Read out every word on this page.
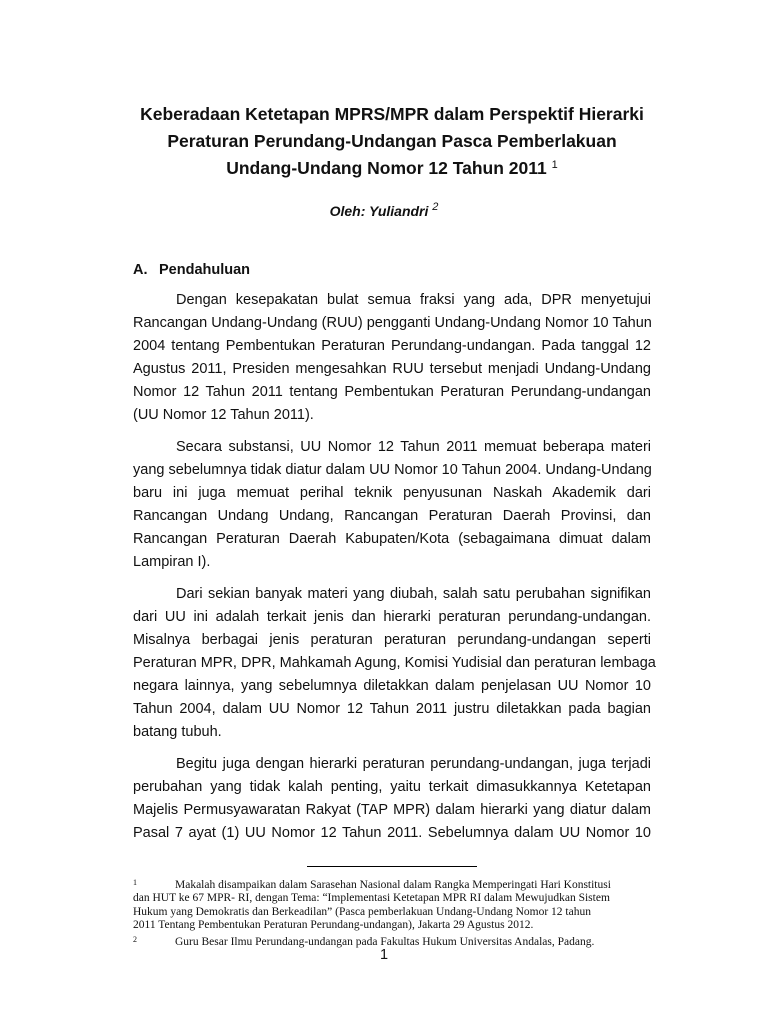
Keberadaan Ketetapan MPRS/MPR dalam Perspektif Hierarki
Peraturan Perundang-Undangan Pasca Pemberlakuan
Undang-Undang Nomor 12 Tahun 2011 $^1$
Oleh: Yuliandri $^2$
A. Pendahuluan
Dengan kesepakatan bulat semua fraksi yang ada, DPR menyetujui
Rancangan Undang-Undang (RUU) pengganti Undang-Undang Nomor 10 Tahun
2004 tentang Pembentukan Peraturan Perundang-undangan. Pada tanggal 12
Agustus 2011, Presiden mengesahkan RUU tersebut menjadi Undang-Undang
Nomor 12 Tahun 2011 tentang Pembentukan Peraturan Perundang-undangan
(UU Nomor 12 Tahun 2011).
Secara substansi, UU Nomor 12 Tahun 2011 memuat beberapa materi
yang sebelumnya tidak diatur dalam UU Nomor 10 Tahun 2004. Undang-Undang
baru ini juga memuat perihal teknik penyusunan Naskah Akademik dari
Rancangan Undang Undang, Rancangan Peraturan Daerah Provinsi, dan
Rancangan Peraturan Daerah Kabupaten/Kota (sebagaimana dimuat dalam
Lampiran I).
Dari sekian banyak materi yang diubah, salah satu perubahan signifikan
dari UU ini adalah terkait jenis dan hierarki peraturan perundang-undangan.
Misalnya berbagai jenis peraturan peraturan perundang-undangan seperti
Peraturan MPR, DPR, Mahkamah Agung, Komisi Yudisial dan peraturan lembaga
negara lainnya, yang sebelumnya diletakkan dalam penjelasan UU Nomor 10
Tahun 2004, dalam UU Nomor 12 Tahun 2011 justru diletakkan pada bagian
batang tubuh.
Begitu juga dengan hierarki peraturan perundang-undangan, juga terjadi
perubahan yang tidak kalah penting, yaitu terkait dimasukkannya Ketetapan
Majelis Permusyawaratan Rakyat (TAP MPR) dalam hierarki yang diatur dalam
Pasal 7 ayat (1) UU Nomor 12 Tahun 2011. Sebelumnya dalam UU Nomor 10
1	Makalah disampaikan dalam Sarasehan Nasional dalam Rangka Memperingati Hari Konstitusi
dan HUT ke 67 MPR- RI, dengan Tema: “Implementasi Ketetapan MPR RI dalam Mewujudkan Sistem
Hukum yang Demokratis dan Berkeadilan” (Pasca pemberlakuan Undang-Undang Nomor 12 tahun
2011 Tentang Pembentukan Peraturan Perundang-undangan), Jakarta 29 Agustus 2012.
2	Guru Besar Ilmu Perundang-undangan pada Fakultas Hukum Universitas Andalas, Padang.
1
